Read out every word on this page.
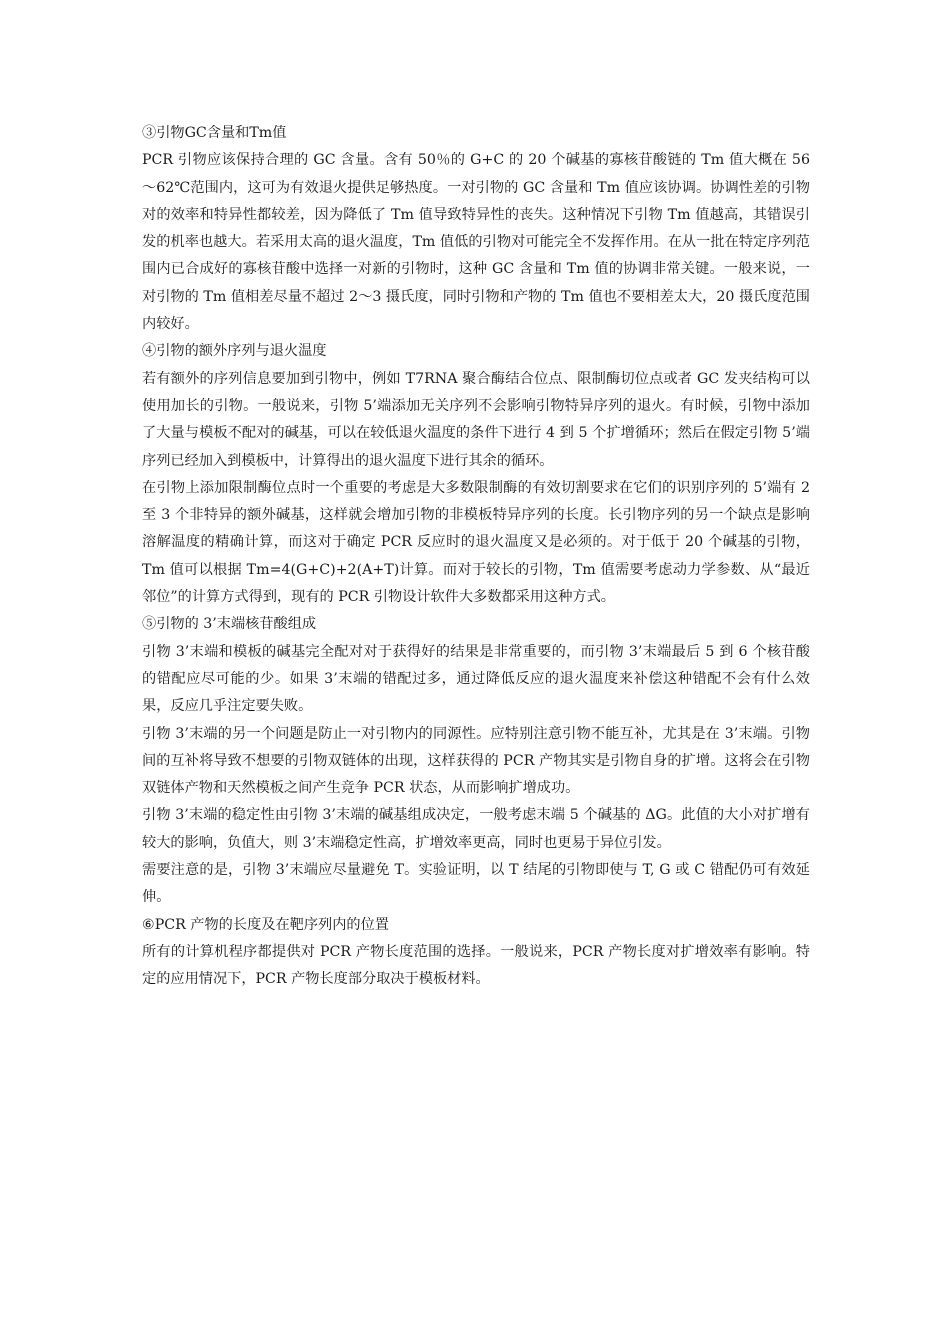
③引物GC含量和Tm值

PCR 引物应该保持合理的 GC 含量。含有 50％的 G+C 的 20 个碱基的寡核苷酸链的 Tm 值大概在 56～62℃范围内，这可为有效退火提供足够热度。一对引物的 GC 含量和 Tm 值应该协调。协调性差的引物对的效率和特异性都较差，因为降低了 Tm 值导致特异性的丧失。这种情况下引物 Tm 值越高，其错误引发的机率也越大。若采用太高的退火温度，Tm 值低的引物对可能完全不发挥作用。在从一批在特定序列范围内已合成好的寡核苷酸中选择一对新的引物时，这种 GC 含量和 Tm 值的协调非常关键。一般来说，一对引物的 Tm 值相差尽量不超过 2～3 摄氏度，同时引物和产物的 Tm 值也不要相差太大，20 摄氏度范围内较好。

④引物的额外序列与退火温度

若有额外的序列信息要加到引物中，例如 T7RNA 聚合酶结合位点、限制酶切位点或者 GC 发夹结构可以使用加长的引物。一般说来，引物 5’端添加无关序列不会影响引物特异序列的退火。有时候，引物中添加了大量与模板不配对的碱基，可以在较低退火温度的条件下进行 4 到 5 个扩增循环；然后在假定引物 5’端序列已经加入到模板中，计算得出的退火温度下进行其余的循环。

在引物上添加限制酶位点时一个重要的考虑是大多数限制酶的有效切割要求在它们的识别序列的 5’端有 2 至 3 个非特异的额外碱基，这样就会增加引物的非模板特异序列的长度。长引物序列的另一个缺点是影响溶解温度的精确计算，而这对于确定 PCR 反应时的退火温度又是必须的。对于低于 20 个碱基的引物，Tm 值可以根据 Tm=4(G+C)+2(A+T)计算。而对于较长的引物，Tm 值需要考虑动力学参数、从“最近邻位”的计算方式得到，现有的 PCR 引物设计软件大多数都采用这种方式。

⑤引物的 3’末端核苷酸组成

引物 3’末端和模板的碱基完全配对对于获得好的结果是非常重要的，而引物 3’末端最后 5 到 6 个核苷酸的错配应尽可能的少。如果 3’末端的错配过多，通过降低反应的退火温度来补偿这种错配不会有什么效果，反应几乎注定要失败。

引物 3’末端的另一个问题是防止一对引物内的同源性。应特别注意引物不能互补，尤其是在 3’末端。引物间的互补将导致不想要的引物双链体的出现，这样获得的 PCR 产物其实是引物自身的扩增。这将会在引物双链体产物和天然模板之间产生竞争 PCR 状态，从而影响扩增成功。

引物 3’末端的稳定性由引物 3’末端的碱基组成决定，一般考虑末端 5 个碱基的 ΔG。此值的大小对扩增有较大的影响，负值大，则 3’末端稳定性高，扩增效率更高，同时也更易于异位引发。

需要注意的是，引物 3’末端应尽量避免 T。实验证明，以 T 结尾的引物即使与 T, G 或 C 错配仍可有效延伸。

⑥PCR 产物的长度及在靶序列内的位置

所有的计算机程序都提供对 PCR 产物长度范围的选择。一般说来，PCR 产物长度对扩增效率有影响。特定的应用情况下，PCR 产物长度部分取决于模板材料。
